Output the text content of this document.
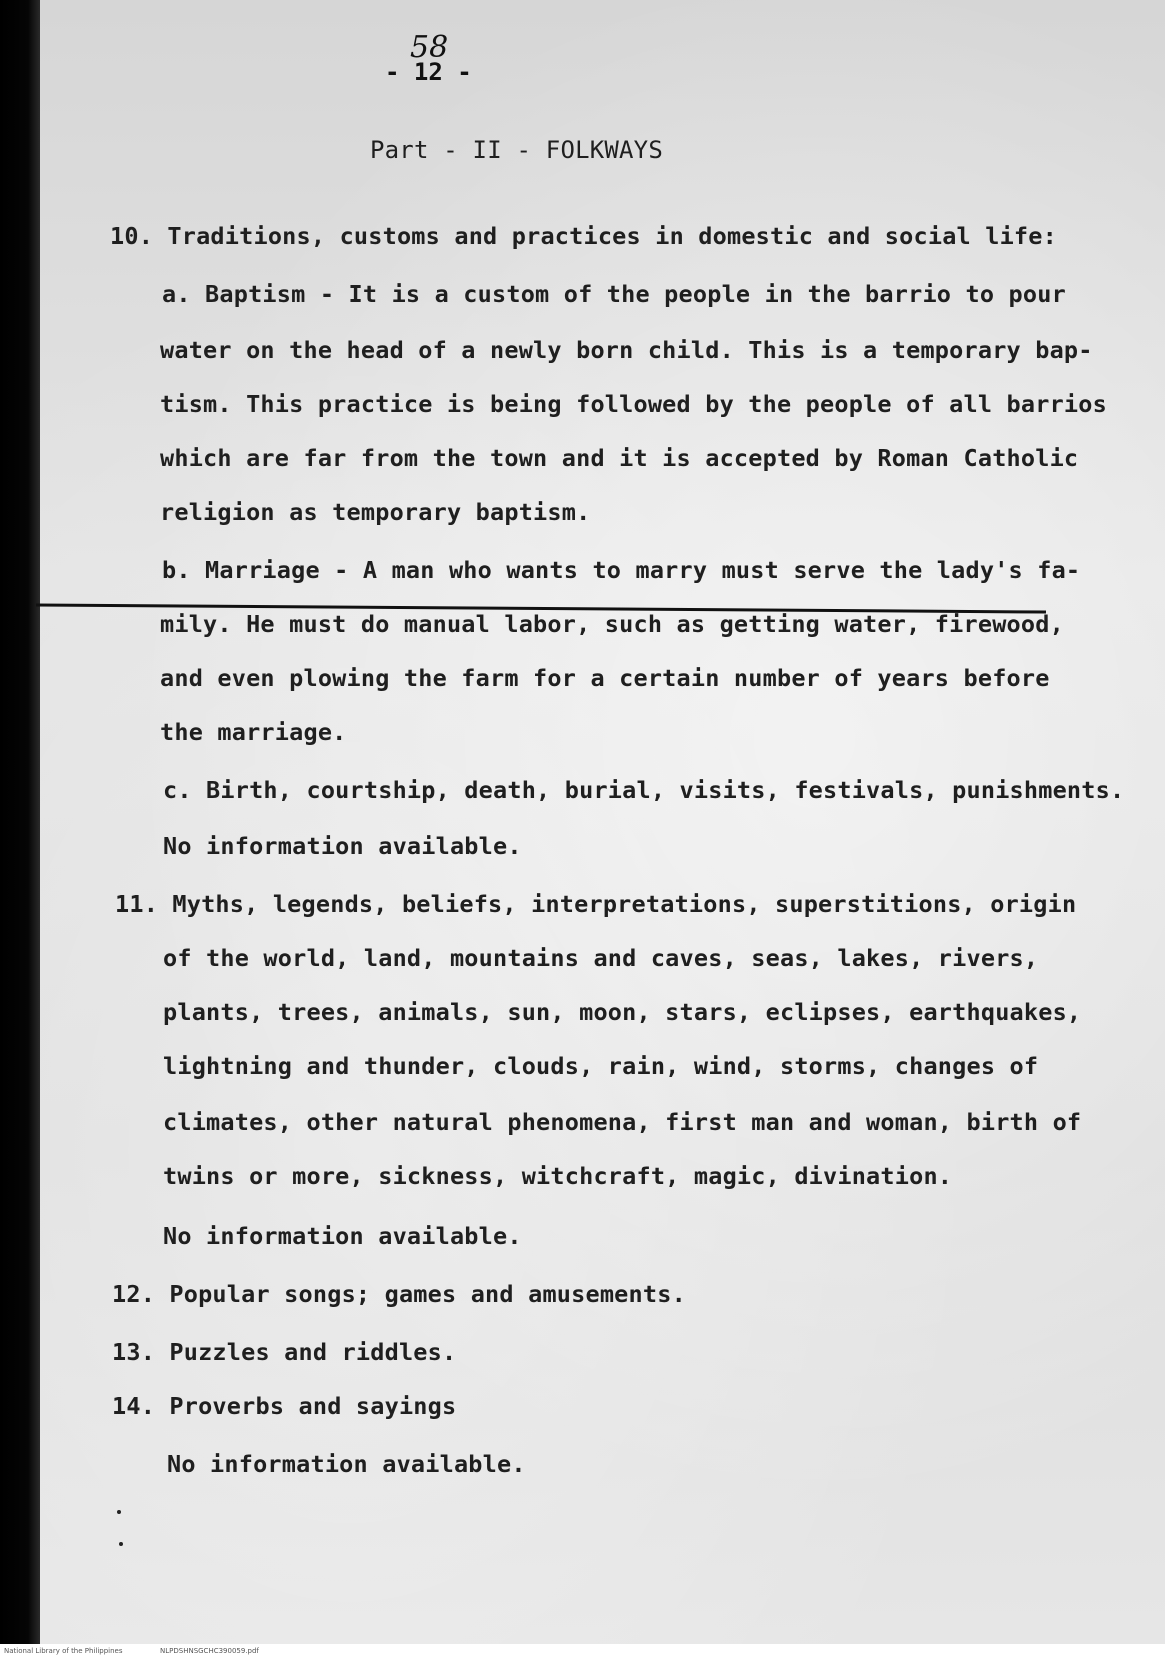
58
- 12 -
Part - II - FOLKWAYS
10. Traditions, customs and practices in domestic and social life:
a. Baptism - It is a custom of the people in the barrio to pour
water on the head of a newly born child. This is a temporary bap-
tism. This practice is being followed by the people of all barrios
which are far from the town and it is accepted by Roman Catholic
religion as temporary baptism.
b. Marriage - A man who wants to marry must serve the lady's fa-
mily. He must do manual labor, such as getting water, firewood,
and even plowing the farm for a certain number of years before
the marriage.
c. Birth, courtship, death, burial, visits, festivals, punishments.
No information available.
11. Myths, legends, beliefs, interpretations, superstitions, origin
of the world, land, mountains and caves, seas, lakes, rivers,
plants, trees, animals, sun, moon, stars, eclipses, earthquakes,
lightning and thunder, clouds, rain, wind, storms, changes of
climates, other natural phenomena, first man and woman, birth of
twins or more, sickness, witchcraft, magic, divination.
No information available.
12. Popular songs; games and amusements.
13. Puzzles and riddles.
14. Proverbs and sayings
No information available.
National Library of the Philippines	NLPDSHNSGCHC390059.pdf
